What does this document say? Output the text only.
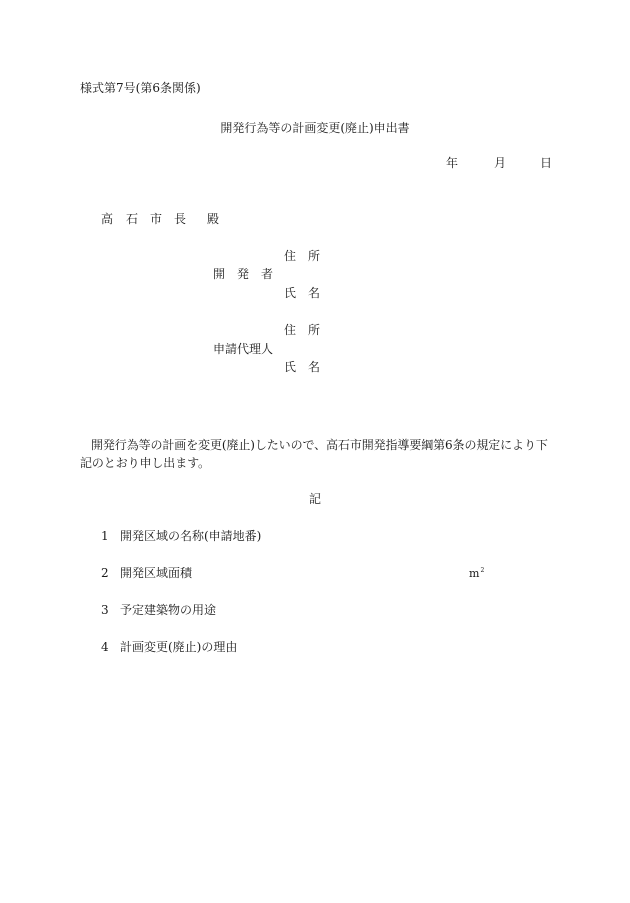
様式第7号(第6条関係)
開発行為等の計画変更(廃止)申出書
年	月	日
高 石 市 長 殿
住 所
開 発 者
氏 名
住 所
申請代理人
氏 名
開発行為等の計画を変更(廃止)したいので、高石市開発指導要綱第6条の規定により下記のとおり申し出ます。
記
1 開発区域の名称(申請地番)
2 開発区域面積	$m^2$
3 予定建築物の用途
4 計画変更(廃止)の理由
